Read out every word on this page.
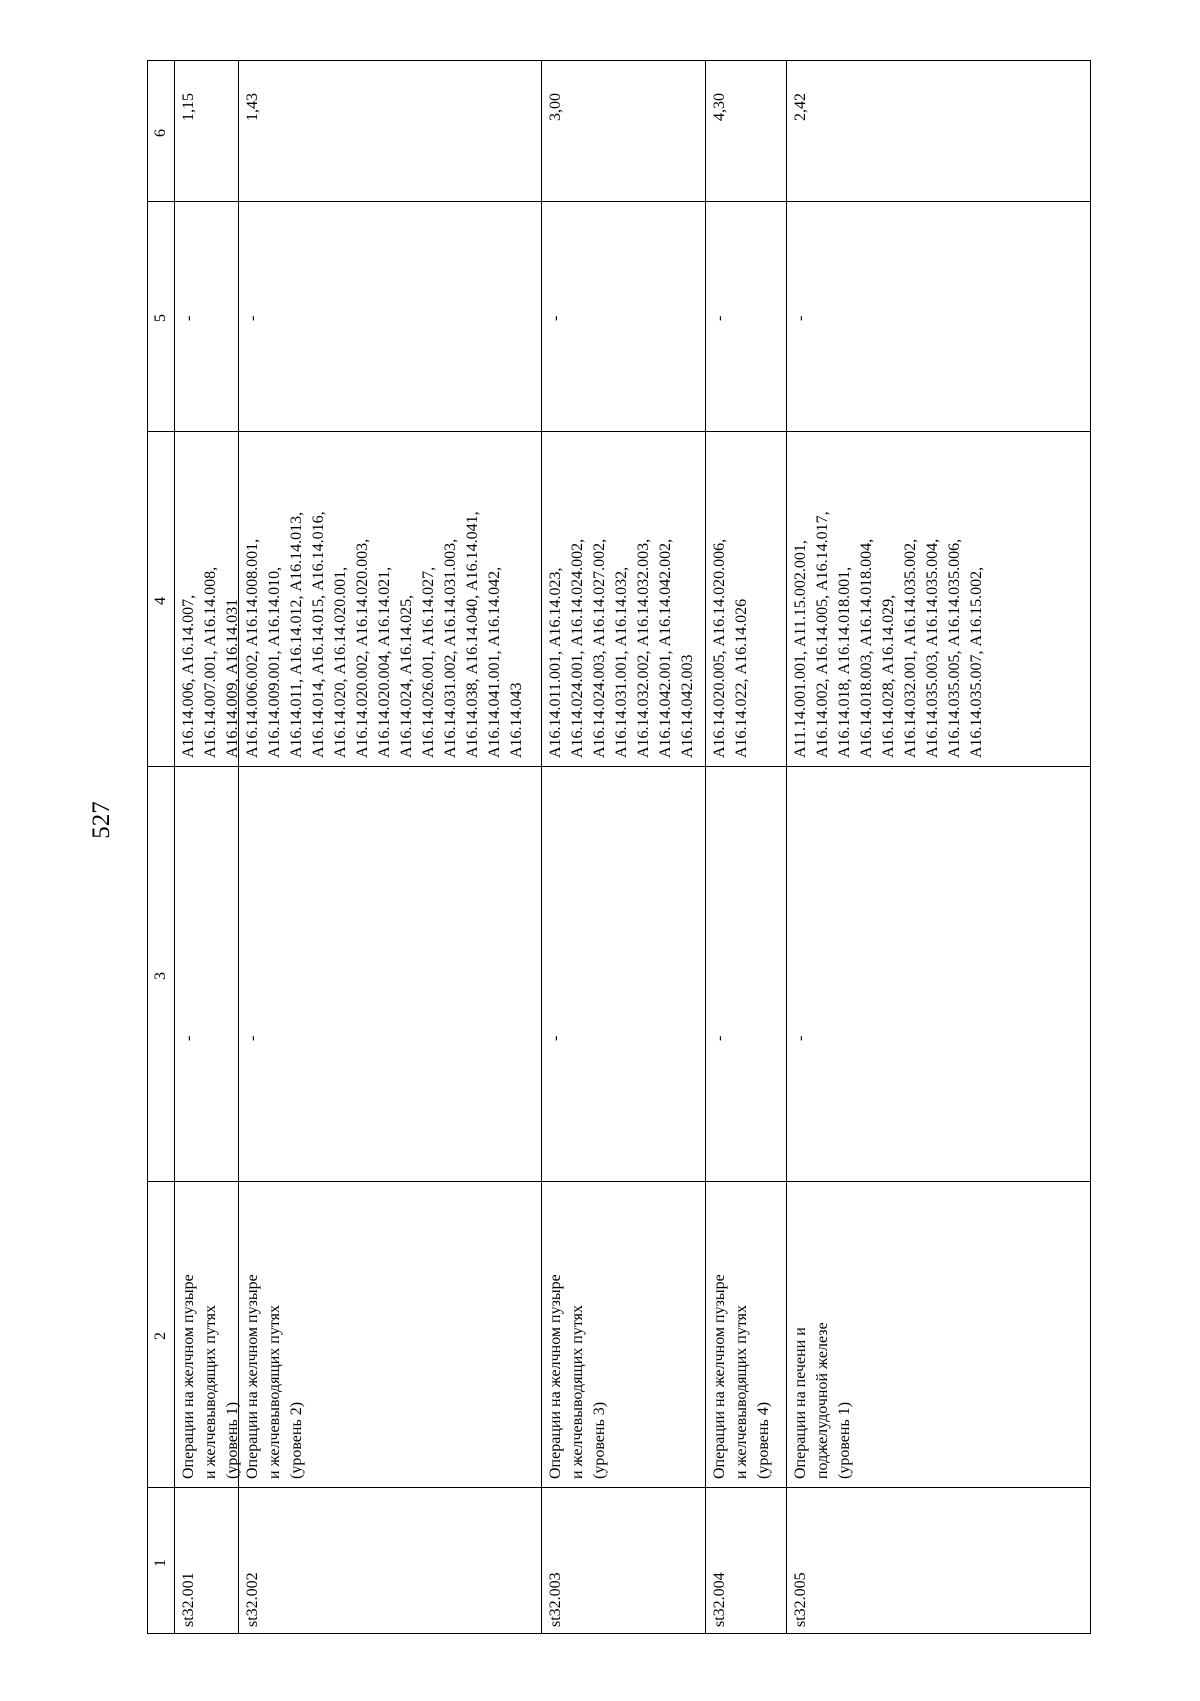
527
1
2
3
4
5
6
st32.001
Операции на желчном пузыре
и желчевыводящих путях
(уровень 1)
-
А16.14.006, А16.14.007,
А16.14.007.001, А16.14.008,
А16.14.009, А16.14.031
-
1,15
st32.002
Операции на желчном пузыре
и желчевыводящих путях
(уровень 2)
-
А16.14.006.002, А16.14.008.001,
А16.14.009.001, А16.14.010,
А16.14.011, А16.14.012, А16.14.013,
А16.14.014, А16.14.015, А16.14.016,
А16.14.020, А16.14.020.001,
А16.14.020.002, А16.14.020.003,
А16.14.020.004, А16.14.021,
А16.14.024, А16.14.025,
А16.14.026.001, А16.14.027,
А16.14.031.002, А16.14.031.003,
А16.14.038, А16.14.040, А16.14.041,
А16.14.041.001, А16.14.042,
А16.14.043
-
1,43
st32.003
Операции на желчном пузыре
и желчевыводящих путях
(уровень 3)
-
А16.14.011.001, А16.14.023,
А16.14.024.001, А16.14.024.002,
А16.14.024.003, А16.14.027.002,
А16.14.031.001, А16.14.032,
А16.14.032.002, А16.14.032.003,
А16.14.042.001, А16.14.042.002,
А16.14.042.003
-
3,00
st32.004
Операции на желчном пузыре
и желчевыводящих путях
(уровень 4)
-
А16.14.020.005, А16.14.020.006,
А16.14.022, А16.14.026
-
4,30
st32.005
Операции на печени и
поджелудочной железе
(уровень 1)
-
А11.14.001.001, А11.15.002.001,
А16.14.002, А16.14.005, А16.14.017,
А16.14.018, А16.14.018.001,
А16.14.018.003, А16.14.018.004,
А16.14.028, А16.14.029,
А16.14.032.001, А16.14.035.002,
А16.14.035.003, А16.14.035.004,
А16.14.035.005, А16.14.035.006,
А16.14.035.007, А16.15.002,
-
2,42
